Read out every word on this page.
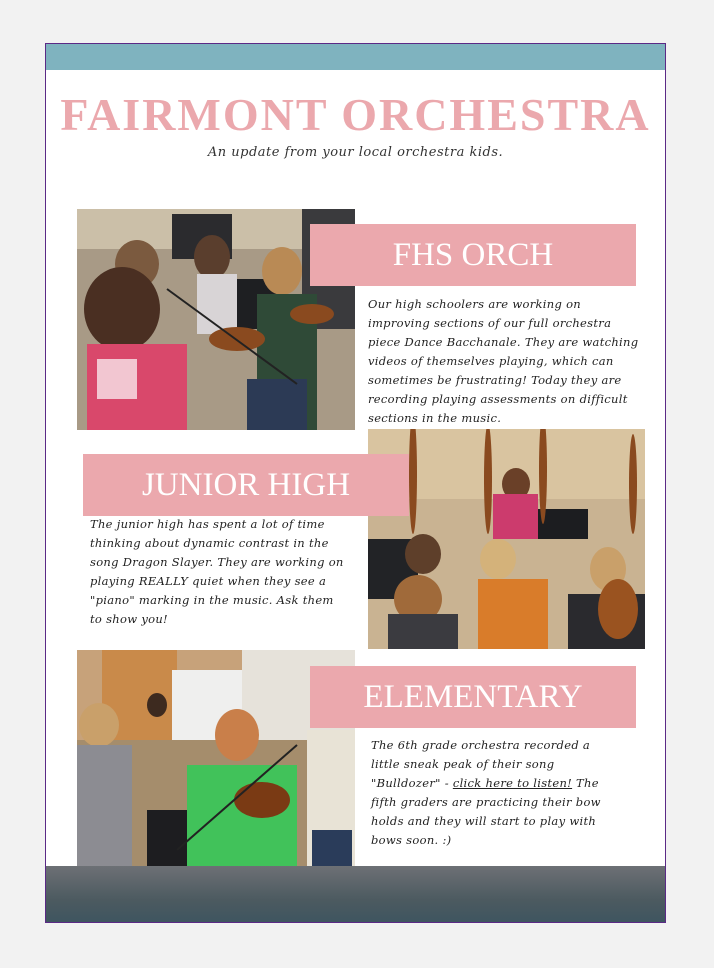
FAIRMONT ORCHESTRA
An update from your local orchestra kids.
FHS ORCH
Our high schoolers are working on improving sections of our full orchestra piece Dance Bacchanale. They are watching videos of themselves playing, which can sometimes be frustrating! Today they are recording playing assessments on difficult sections in the music.
JUNIOR HIGH
The junior high has spent a lot of time thinking about dynamic contrast in the song Dragon Slayer. They are working on playing REALLY quiet when they see a "piano" marking in the music. Ask them to show you!
ELEMENTARY
The 6th grade orchestra recorded a little sneak peak of their song "Bulldozer" - click here to listen! The fifth graders are practicing their bow holds and they will start to play with bows soon. :)
